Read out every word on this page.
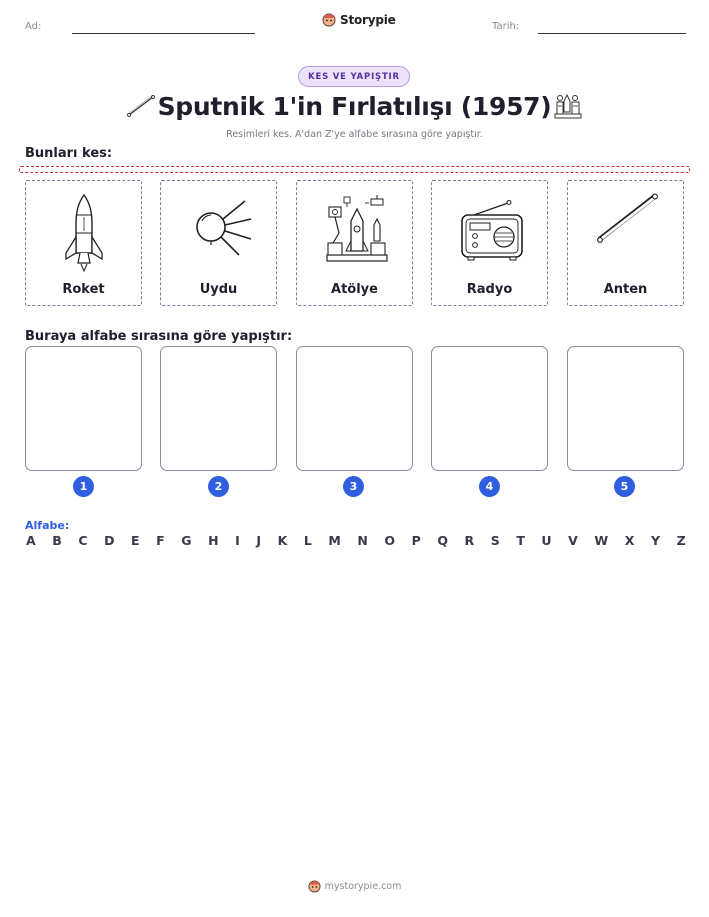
Ad:	Storypie	Tarih:
KES VE YAPIŞTIR
Sputnik 1'in Fırlatılışı (1957)
Resimleri kes. A'dan Z'ye alfabe sırasına göre yapıştır.
Bunları kes:
Roket	Uydu	Atölye	Radyo	Anten
Buraya alfabe sırasına göre yapıştır:
1	2	3	4	5
Alfabe:
A B C D E F G H I J K L M N O P Q R S T U V W X Y Z
mystorypie.com
